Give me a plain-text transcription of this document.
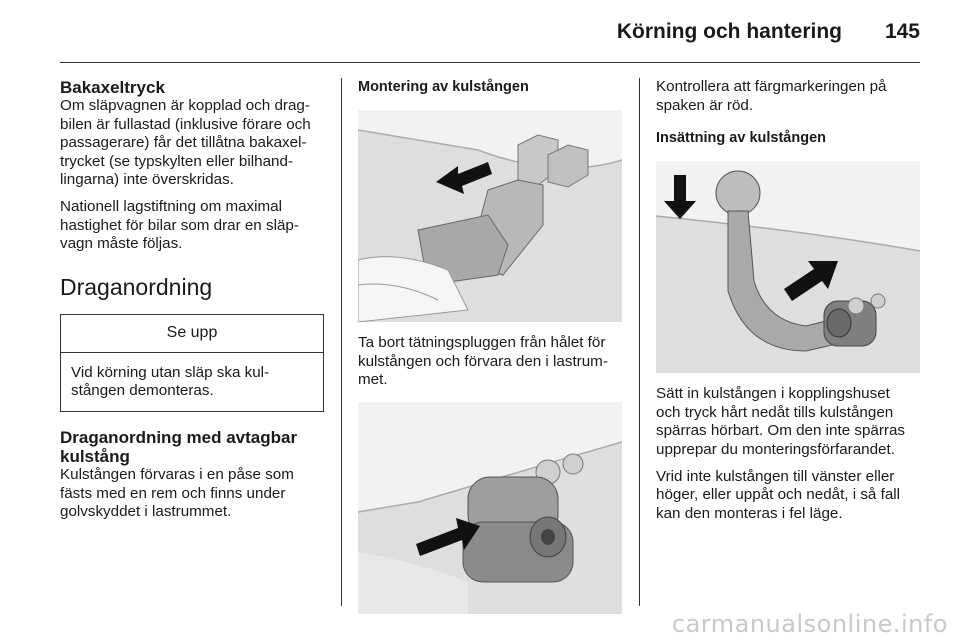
Körning och hantering 145
Bakaxeltryck

Om släpvagnen är kopplad och drag-
bilen är fullastad (inklusive förare och
passagerare) får det tillåtna bakaxel-
trycket (se typskylten eller bilhand-
lingarna) inte överskridas.

Nationell lagstiftning om maximal
hastighet för bilar som drar en släp-
vagn måste följas.

Draganordning
Se upp
Vid körning utan släp ska kul-
stången demonteras.
Draganordning med avtagbar
kulstång

Kulstången förvaras i en påse som
fästs med en rem och finns under
golvskyddet i lastrummet.

Montering av kulstången

Ta bort tätningspluggen från hålet för
kulstången och förvara den i lastrum-
met.

Kontrollera att färgmarkeringen på
spaken är röd.

Insättning av kulstången

Sätt in kulstången i kopplingshuset
och tryck hårt nedåt tills kulstången
spärras hörbart. Om den inte spärras
upprepar du monteringsförfarandet.

Vrid inte kulstången till vänster eller
höger, eller uppåt och nedåt, i så fall
kan den monteras i fel läge.

carmanualsonline.info
